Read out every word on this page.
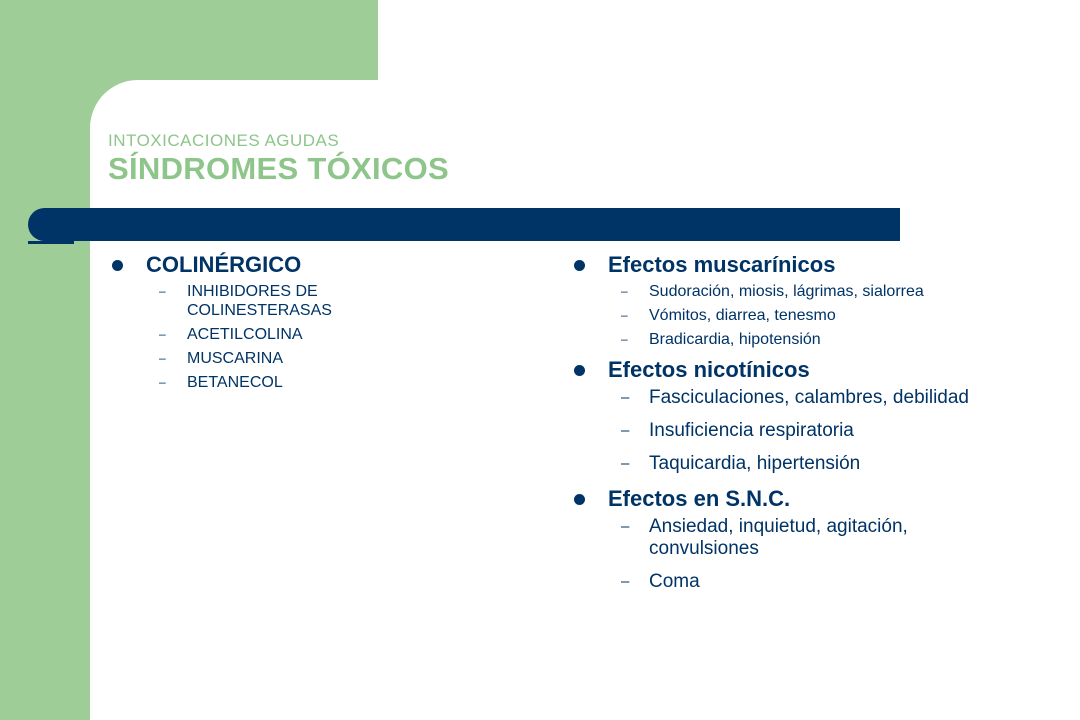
INTOXICACIONES AGUDAS
SÍNDROMES TÓXICOS
COLINÉRGICO
– INHIBIDORES DE COLINESTERASAS
– ACETILCOLINA
– MUSCARINA
– BETANECOL
Efectos muscarínicos
– Sudoración, miosis, lágrimas, sialorrea
– Vómitos, diarrea, tenesmo
– Bradicardia, hipotensión
Efectos nicotínicos
– Fasciculaciones, calambres, debilidad
– Insuficiencia respiratoria
– Taquicardia, hipertensión
Efectos en S.N.C.
– Ansiedad, inquietud, agitación, convulsiones
– Coma
